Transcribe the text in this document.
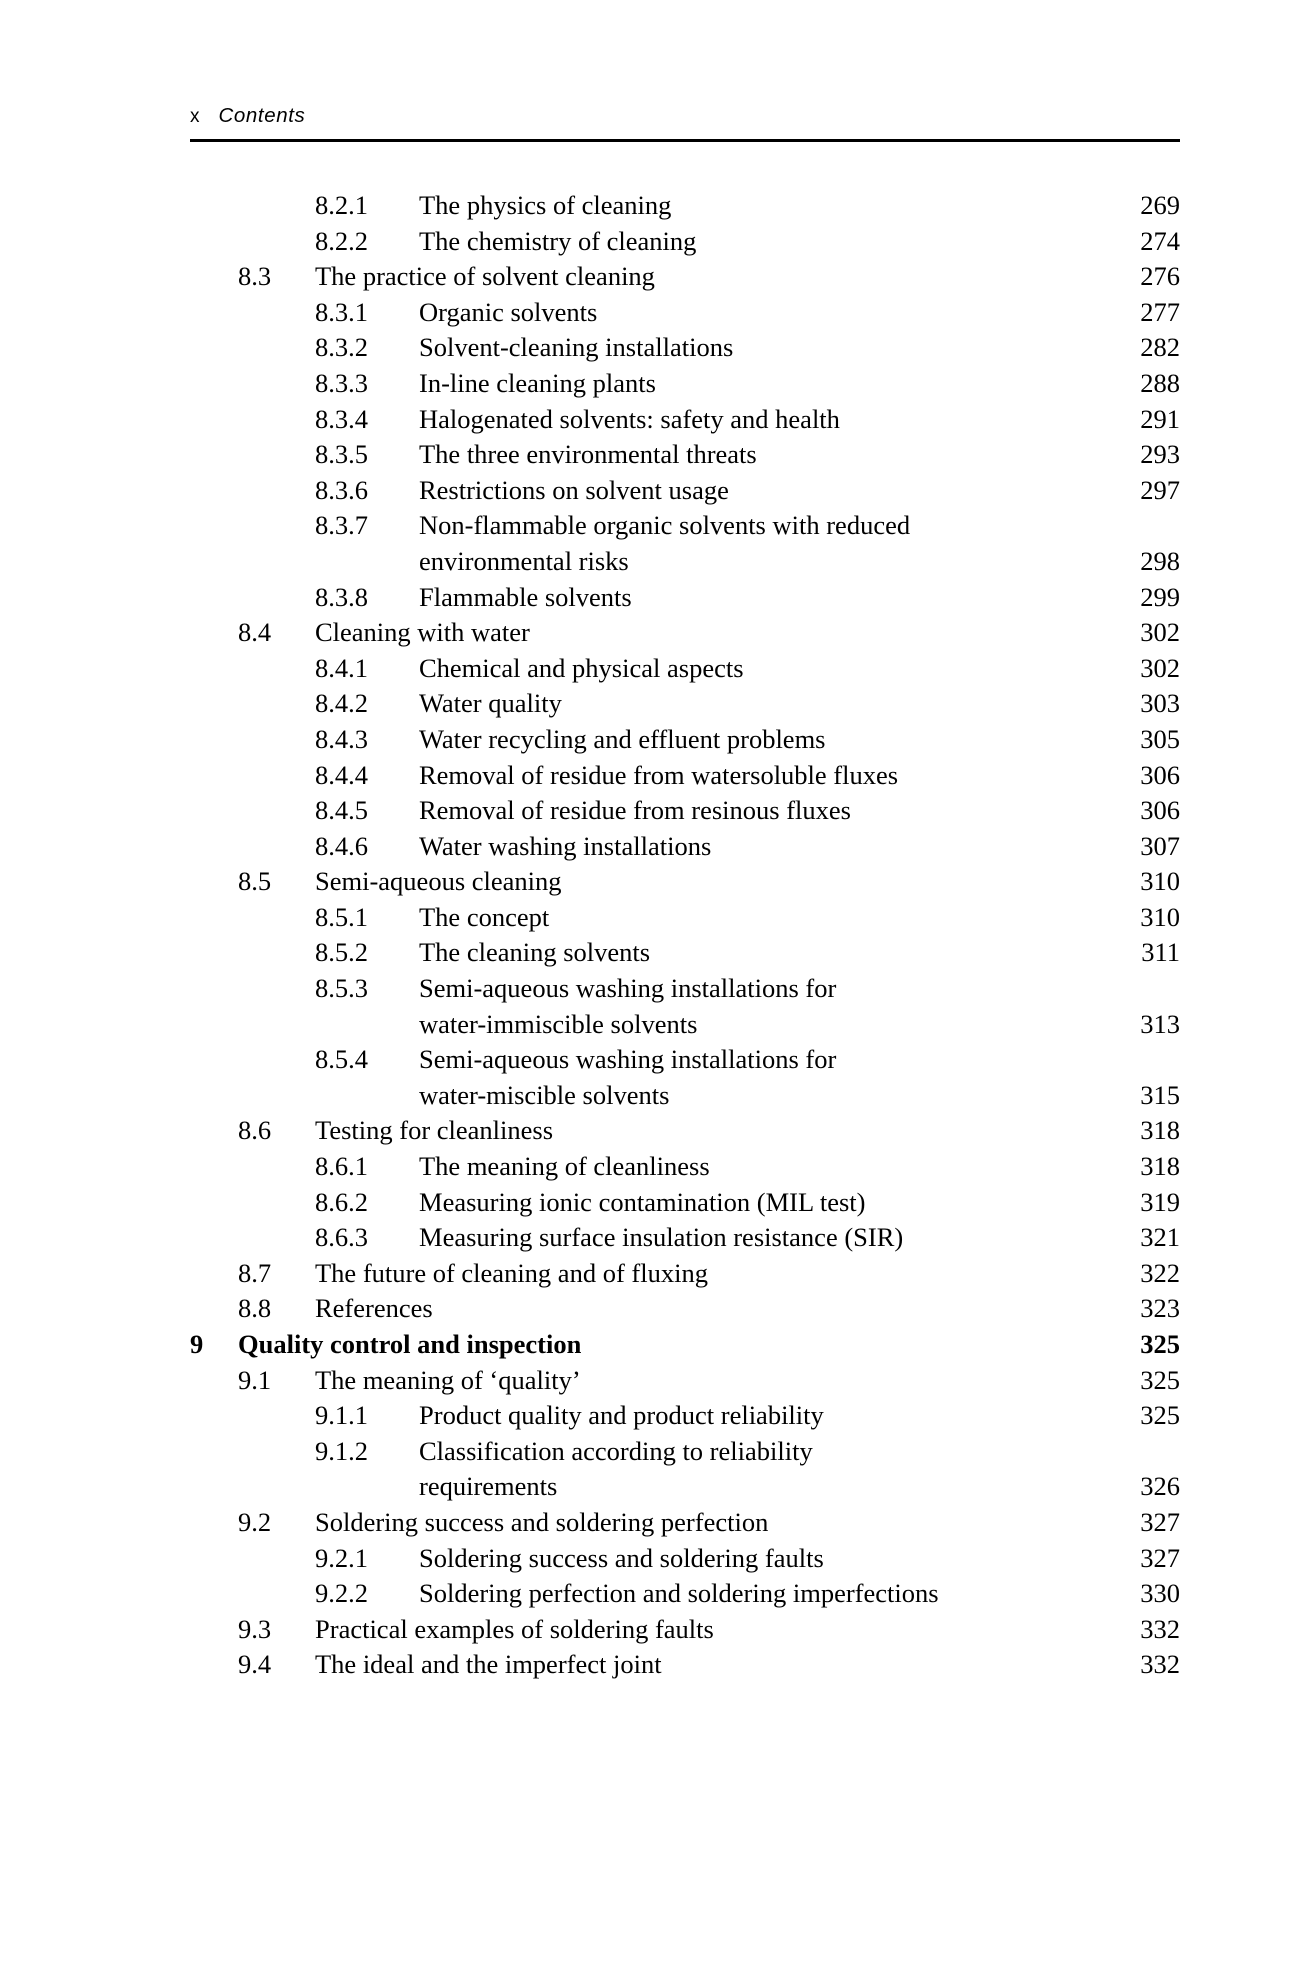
x Contents
8.2.1	The physics of cleaning	269
8.2.2	The chemistry of cleaning	274
8.3	The practice of solvent cleaning	276
8.3.1	Organic solvents	277
8.3.2	Solvent-cleaning installations	282
8.3.3	In-line cleaning plants	288
8.3.4	Halogenated solvents: safety and health	291
8.3.5	The three environmental threats	293
8.3.6	Restrictions on solvent usage	297
8.3.7	Non-flammable organic solvents with reduced
environmental risks	298
8.3.8	Flammable solvents	299
8.4	Cleaning with water	302
8.4.1	Chemical and physical aspects	302
8.4.2	Water quality	303
8.4.3	Water recycling and effluent problems	305
8.4.4	Removal of residue from watersoluble fluxes	306
8.4.5	Removal of residue from resinous fluxes	306
8.4.6	Water washing installations	307
8.5	Semi-aqueous cleaning	310
8.5.1	The concept	310
8.5.2	The cleaning solvents	311
8.5.3	Semi-aqueous washing installations for
water-immiscible solvents	313
8.5.4	Semi-aqueous washing installations for
water-miscible solvents	315
8.6	Testing for cleanliness	318
8.6.1	The meaning of cleanliness	318
8.6.2	Measuring ionic contamination (MIL test)	319
8.6.3	Measuring surface insulation resistance (SIR)	321
8.7	The future of cleaning and of fluxing	322
8.8	References	323
9	Quality control and inspection	325
9.1	The meaning of ‘quality’	325
9.1.1	Product quality and product reliability	325
9.1.2	Classification according to reliability
requirements	326
9.2	Soldering success and soldering perfection	327
9.2.1	Soldering success and soldering faults	327
9.2.2	Soldering perfection and soldering imperfections	330
9.3	Practical examples of soldering faults	332
9.4	The ideal and the imperfect joint	332
